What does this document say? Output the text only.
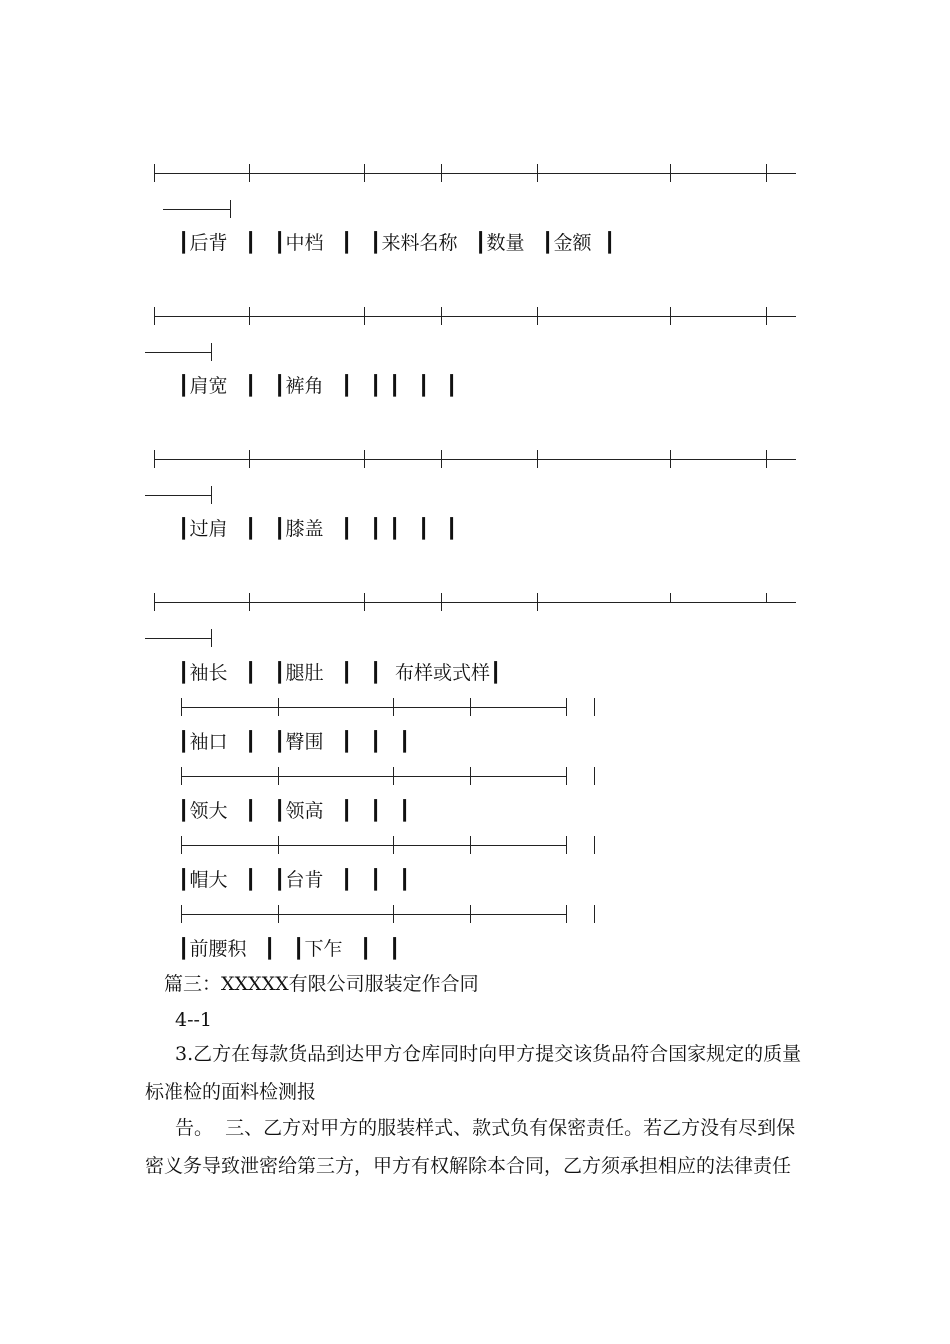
┃后背 ┃ ┃中档 ┃ ┃来料名称 ┃数量 ┃金额 ┃
┃肩宽 ┃ ┃裤角 ┃ ┃ ┃ ┃ ┃
┃过肩 ┃ ┃膝盖 ┃ ┃ ┃ ┃ ┃
┃袖长 ┃ ┃腿肚 ┃ ┃ 布样或式样 ┃
┃袖口 ┃ ┃臀围 ┃ ┃ ┃
┃领大 ┃ ┃领高 ┃ ┃ ┃
┃帽大 ┃ ┃台肯 ┃ ┃ ┃
┃前腰积 ┃ ┃下乍 ┃ ┃
篇三：XXXXX有限公司服装定作合同
4--1
3.乙方在每款货品到达甲方仓库同时向甲方提交该货品符合国家规定的质量
标准检的面料检测报
告。  三、乙方对甲方的服装样式、款式负有保密责任。若乙方没有尽到保
密义务导致泄密给第三方，甲方有权解除本合同，乙方须承担相应的法律责任
